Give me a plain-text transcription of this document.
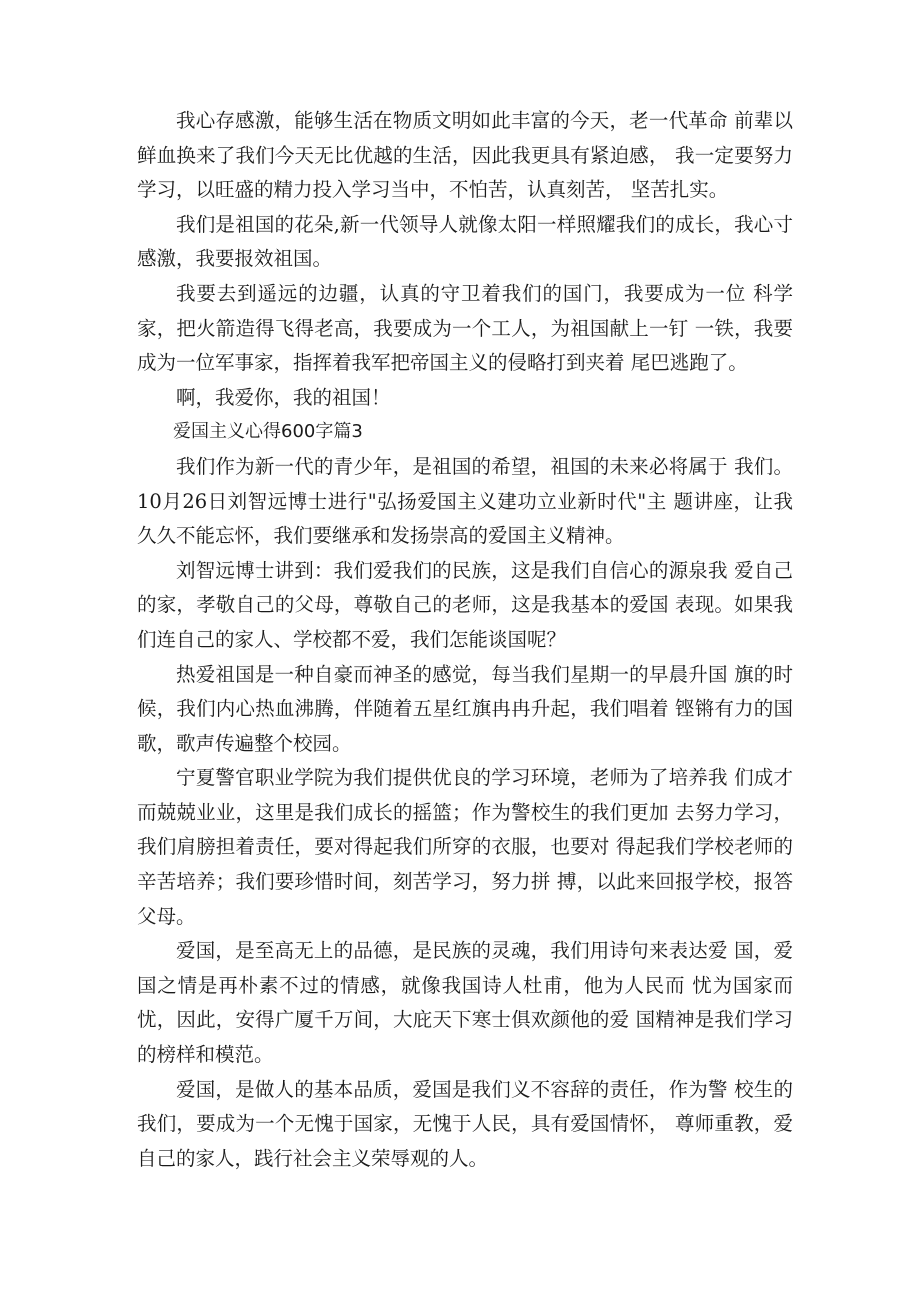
我心存感激，能够生活在物质文明如此丰富的今天，老一代革命 前辈以鲜血换来了我们今天无比优越的生活，因此我更具有紧迫感， 我一定要努力学习，以旺盛的精力投入学习当中，不怕苦，认真刻苦， 坚苦扎实。

我们是祖国的花朵,新一代领导人就像太阳一样照耀我们的成长，我心寸感激，我要报效祖国。

我要去到遥远的边疆，认真的守卫着我们的国门，我要成为一位 科学家，把火箭造得飞得老高，我要成为一个工人，为祖国献上一钉 一铁，我要成为一位军事家，指挥着我军把帝国主义的侵略打到夹着 尾巴逃跑了。

啊，我爱你，我的祖国！

爱国主义心得600字篇3

我们作为新一代的青少年，是祖国的希望，祖国的未来必将属于 我们。10月26日刘智远博士进行"弘扬爱国主义建功立业新时代"主 题讲座，让我久久不能忘怀，我们要继承和发扬崇高的爱国主义精神。

刘智远博士讲到：我们爱我们的民族，这是我们自信心的源泉我 爱自己的家，孝敬自己的父母，尊敬自己的老师，这是我基本的爱国 表现。如果我们连自己的家人、学校都不爱，我们怎能谈国呢？

热爱祖国是一种自豪而神圣的感觉，每当我们星期一的早晨升国 旗的时候，我们内心热血沸腾，伴随着五星红旗冉冉升起，我们唱着 铿锵有力的国歌，歌声传遍整个校园。

宁夏警官职业学院为我们提供优良的学习环境，老师为了培养我 们成才而兢兢业业，这里是我们成长的摇篮；作为警校生的我们更加 去努力学习，我们肩膀担着责任，要对得起我们所穿的衣服，也要对 得起我们学校老师的辛苦培养；我们要珍惜时间，刻苦学习，努力拼 搏，以此来回报学校，报答父母。

爱国，是至高无上的品德，是民族的灵魂，我们用诗句来表达爱 国，爱国之情是再朴素不过的情感，就像我国诗人杜甫，他为人民而 忧为国家而忧，因此，安得广厦千万间，大庇天下寒士俱欢颜他的爱 国精神是我们学习的榜样和模范。

爱国，是做人的基本品质，爱国是我们义不容辞的责任，作为警 校生的我们，要成为一个无愧于国家，无愧于人民，具有爱国情怀， 尊师重教，爱自己的家人，践行社会主义荣辱观的人。
